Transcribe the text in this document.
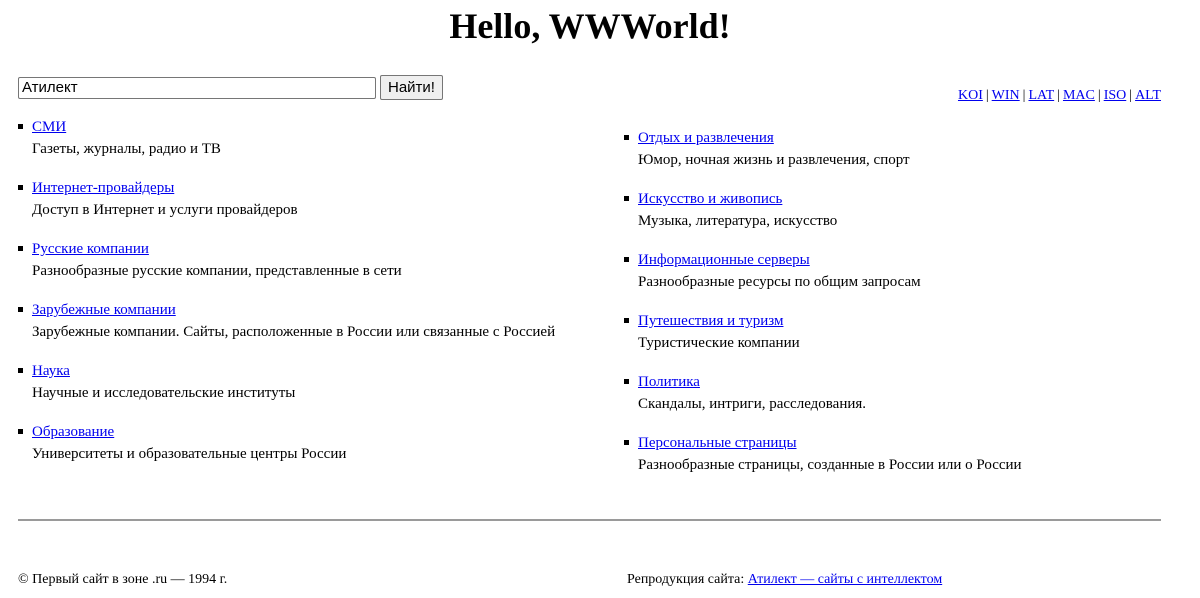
Hello, WWWorld!
Атилект
Найти!	KOI | WIN | LAT | MAC | ISO | ALT
СМИ
Газеты, журналы, радио и ТВ
Интернет-провайдеры
Доступ в Интернет и услуги провайдеров
Русские компании
Разнообразные русские компании, представленные в сети
Зарубежные компании
Зарубежные компании. Сайты, расположенные в России или связанные с Россией
Наука
Научные и исследовательские институты
Образование
Университеты и образовательные центры России
Отдых и развлечения
Юмор, ночная жизнь и развлечения, спорт
Искусство и живопись
Музыка, литература, искусство
Информационные серверы
Разнообразные ресурсы по общим запросам
Путешествия и туризм
Туристические компании
Политика
Скандалы, интриги, расследования.
Персональные страницы
Разнообразные страницы, созданные в России или о России
© Первый сайт в зоне .ru — 1994 г.	Репродукция сайта: Атилект — сайты с интеллектом
